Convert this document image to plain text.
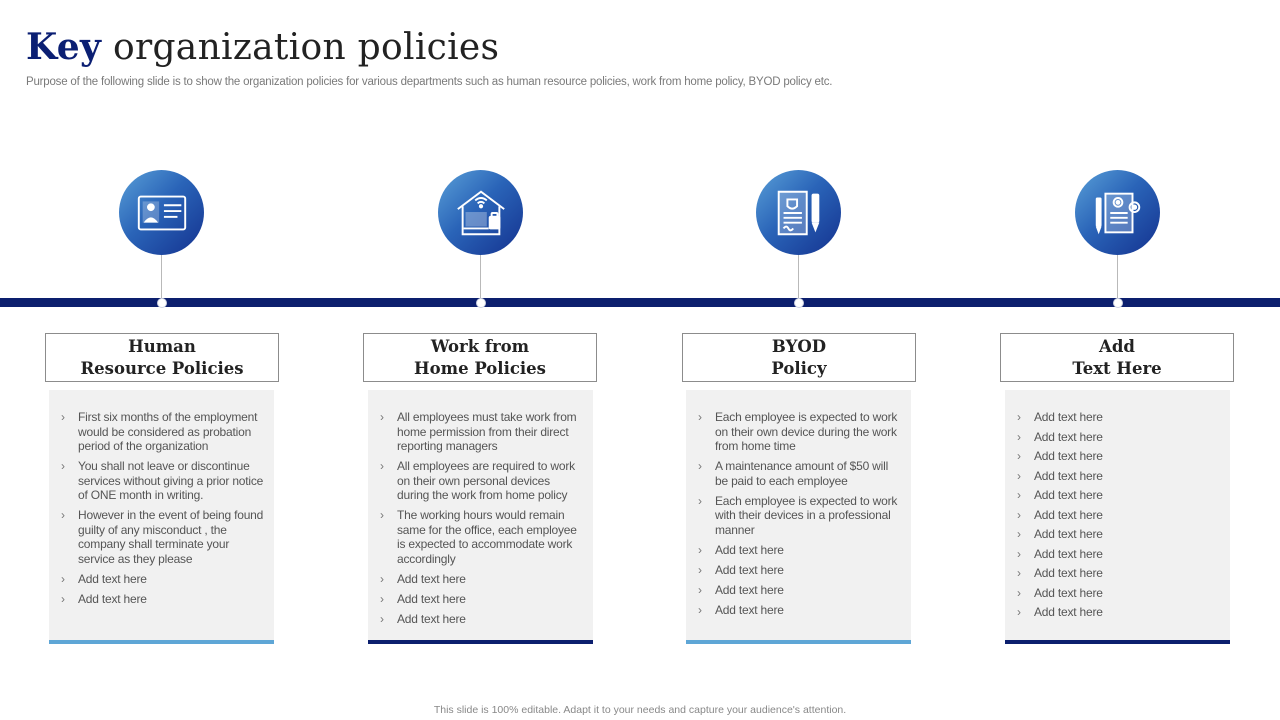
Key organization policies
Purpose of the following slide is to show the organization policies for various departments such as human resource policies, work from home policy, BYOD policy etc.
Human
Resource Policies
› First six months of the employment would be considered as probation period of the organization
› You shall not leave or discontinue services without giving a prior notice of ONE month in writing.
› However in the event of being found guilty of any misconduct , the company shall terminate your service as they please
› Add text here
› Add text here
Work from
Home Policies
› All employees must take work from home permission from their direct reporting managers
› All employees are required to work on their own personal devices during the work from home policy
› The working hours would remain same for the office, each employee is expected to accommodate work accordingly
› Add text here
› Add text here
› Add text here
BYOD
Policy
› Each employee is expected to work on their own device during the work from home time
› A maintenance amount of $50 will be paid to each employee
› Each employee is expected to work with their devices in a professional manner
› Add text here
› Add text here
› Add text here
› Add text here
Add
Text Here
› Add text here
› Add text here
› Add text here
› Add text here
› Add text here
› Add text here
› Add text here
› Add text here
› Add text here
› Add text here
› Add text here
This slide is 100% editable. Adapt it to your needs and capture your audience's attention.
